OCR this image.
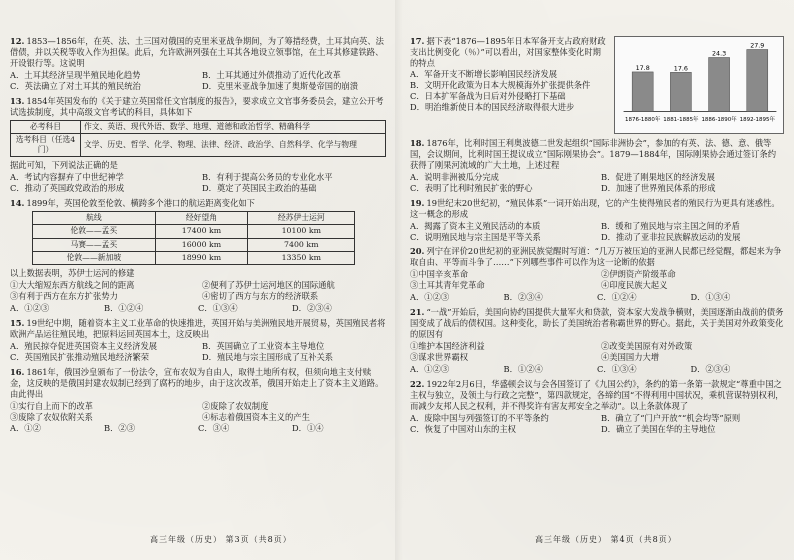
12. 1853—1856年，在英、法、土三国对俄国的克里米亚战争期间，为了筹措经费，土耳其向英、法借债，并以关税等收入作为担保。此后，允许欧洲列强在土耳其各地设立领事馆，在土耳其修建铁路、开设银行等。这说明
A．土耳其经济呈现半殖民地化趋势	B．土耳其通过外债推动了近代化改革
C．英法确立了对土耳其的殖民统治	D．克里米亚战争加速了奥斯曼帝国的崩溃
13. 1854年英国发布的《关于建立英国常任文官制度的报告》，要求成立文官事务委员会，建立公开考试选拔制度，其中高级文官考试的科目，具体如下
必考科目	作文、英语、现代外语、数学、地理、道德和政治哲学、精确科学
选考科目（任选4门）	文学、历史、哲学、化学、物理、法律、经济、政治学、自然科学、化学与物理
据此可知，下列说法正确的是
A．考试内容摒弃了中世纪神学	B．有利于提高公务员的专业化水平
C．推动了英国政党政治的形成	D．奠定了英国民主政治的基础
14. 1899年，英国伦敦至伦敦、横跨多个港口的航运距离变化如下
航线	经好望角	经苏伊士运河
伦敦——孟买	17400 km	10100 km
马赛——孟买	16000 km	7400 km
伦敦——新加坡	18990 km	13350 km
以上数据表明，苏伊士运河的修建
①大大缩短东西方航线之间的距离	②便利了苏伊士运河地区的国际通航
③有利于西方在东方扩张势力	④密切了西方与东方的经济联系
A．①②③	B．①②④	C．①③④	D．②③④
15. 19世纪中期，随着资本主义工业革命的快速推进，英国开始与美洲殖民地开展贸易，英国殖民者将欧洲产品运往殖民地，把原料运回英国本土，这反映出
A．殖民掠夺促进英国资本主义经济发展	B．英国确立了工业资本主导地位
C．英国殖民扩张推动殖民地经济繁荣	D．殖民地与宗主国形成了互补关系
16. 1861年，俄国沙皇颁布了一份法令，宣布农奴为自由人，取得土地所有权，但须向地主支付赎金，这反映的是俄国封建农奴制已经到了腐朽的地步，由于这次改革，俄国开始走上了资本主义道路。由此得出
①实行自上而下的改革	②废除了农奴制度
③废除了农奴依附关系	④标志着俄国资本主义的产生
A．①②	B．②③	C．③④	D．①④
高三年级（历史） 第3页（共8页）
17. 据下表“1876—1895年日本军备开支占政府财政支出比例变化（％）”可以看出，对国家整体变化时期的特点
A．军备开支不断增长影响国民经济发展
B．文明开化政策为日本大规模海外扩张提供条件
C．日本扩军备战为日后对外侵略打下基础
D．明治维新使日本的国民经济取得很大进步
17.8
1876-1880年
17.6
1881-1885年
24.3
1886-1890年
27.9
1892-1895年
18. 1876年，比利时国王利奥波德二世发起组织“国际非洲协会”，参加的有英、法、德、意、俄等国，会议期间，比利时国王提议成立“国际刚果协会”。1879—1884年，国际刚果协会通过签订条约获得了刚果河流域的广大土地，上述过程
A．说明非洲被瓜分完成	B．促进了刚果地区的经济发展
C．表明了比利时殖民扩张的野心	D．加速了世界殖民体系的形成
19. 19世纪末20世纪初，“殖民体系”一词开始出现，它的产生使得殖民者的殖民行为更具有迷惑性。这一概念的形成
A．揭露了资本主义殖民活动的本质	B．缓和了殖民地与宗主国之间的矛盾
C．说明殖民地与宗主国是平等关系	D．推动了亚非拉民族解放运动的发展
20. 列宁在评价20世纪初的亚洲民族觉醒时写道：“几万万被压迫的亚洲人民都已经觉醒，都起来为争取自由、平等而斗争了……”下列哪些事件可以作为这一论断的依据
①中国辛亥革命	②伊朗资产阶级革命
③土耳其青年党革命	④印度民族大起义
A．①②③	B．②③④	C．①②④	D．①③④
21. “一战”开始后，美国向协约国提供大量军火和贷款，资本家大发战争横财，美国逐渐由战前的债务国变成了战后的债权国。这种变化，助长了美国统治者称霸世界的野心。据此，关于美国对外政策变化的原因有
①维护本国经济利益	②改变美国原有对外政策
③谋求世界霸权	④美国国力大增
A．①②③	B．①②④	C．①③④	D．②③④
22. 1922年2月6日，华盛顿会议与会各国签订了《九国公约》，条约的第一条第一款规定“尊重中国之主权与独立，及领土与行政之完整”，第四款规定，各缔约国“不得利用中国状况，乘机营谋特别权利，而减少友邦人民之权利，并不得奖许有害友邦安全之举动”。以上条款体现了
A．废除中国与列强签订的不平等条约	B．确立了“门户开放”“机会均等”原则
C．恢复了中国对山东的主权	D．确立了美国在华的主导地位
高三年级（历史） 第4页（共8页）
